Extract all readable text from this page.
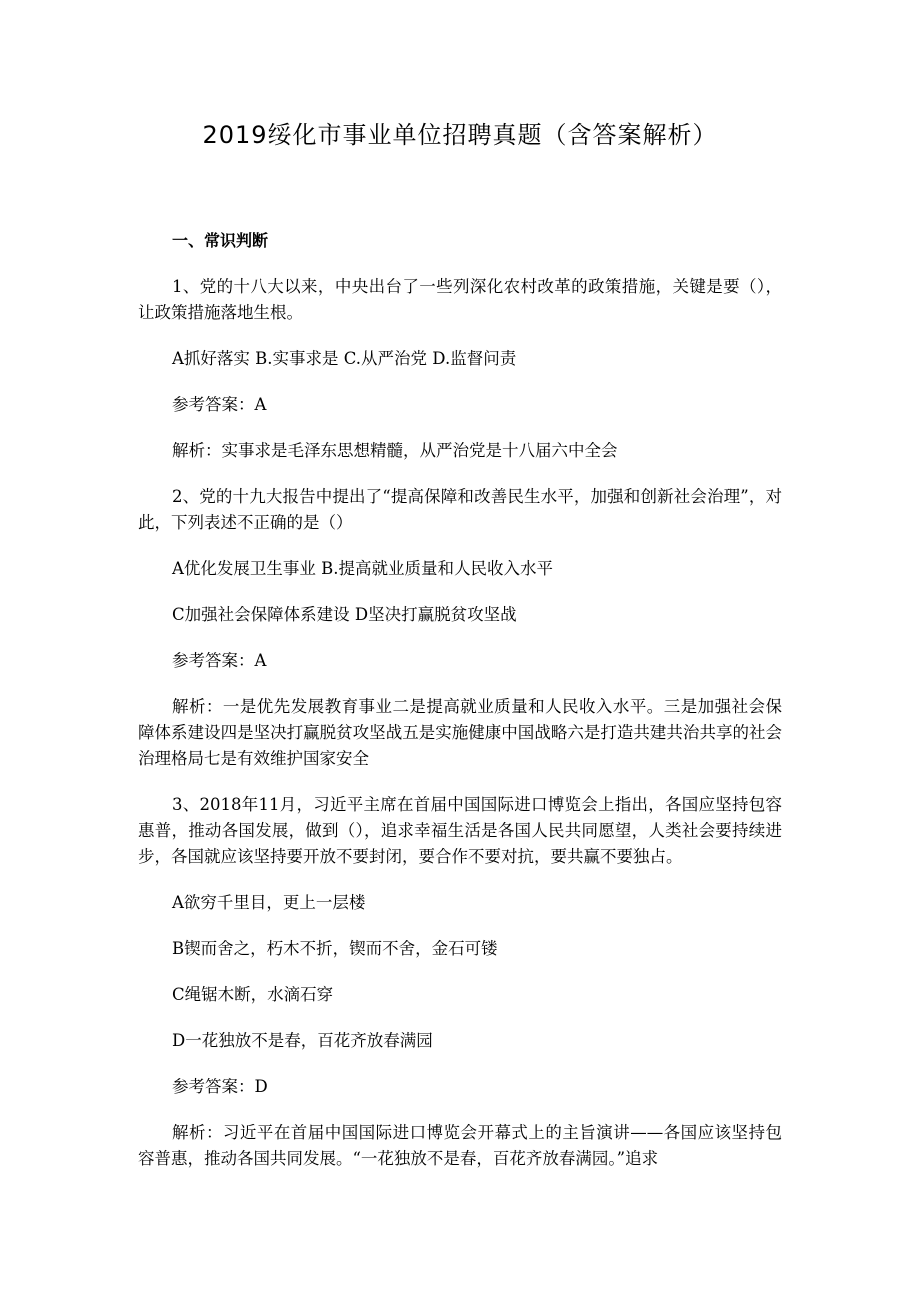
2019绥化市事业单位招聘真题（含答案解析）
一、常识判断

1、党的十八大以来，中央出台了一些列深化农村改革的政策措施，关键是要（），让政策措施落地生根。

A抓好落实 B.实事求是 C.从严治党 D.监督问责

参考答案：A

解析：实事求是毛泽东思想精髓，从严治党是十八届六中全会

2、党的十九大报告中提出了“提高保障和改善民生水平，加强和创新社会治理”，对此，下列表述不正确的是（）

A优化发展卫生事业 B.提高就业质量和人民收入水平

C加强社会保障体系建设 D坚决打赢脱贫攻坚战

参考答案：A

解析：一是优先发展教育事业二是提高就业质量和人民收入水平。三是加强社会保障体系建设四是坚决打赢脱贫攻坚战五是实施健康中国战略六是打造共建共治共享的社会治理格局七是有效维护国家安全

3、2018年11月，习近平主席在首届中国国际进口博览会上指出，各国应坚持包容惠普，推动各国发展，做到（），追求幸福生活是各国人民共同愿望，人类社会要持续进步，各国就应该坚持要开放不要封闭，要合作不要对抗，要共赢不要独占。

A欲穷千里目，更上一层楼

B锲而舍之，朽木不折，锲而不舍，金石可镂

C绳锯木断，水滴石穿

D一花独放不是春，百花齐放春满园

参考答案：D

解析：习近平在首届中国国际进口博览会开幕式上的主旨演讲——各国应该坚持包容普惠，推动各国共同发展。“一花独放不是春，百花齐放春满园。”追求
